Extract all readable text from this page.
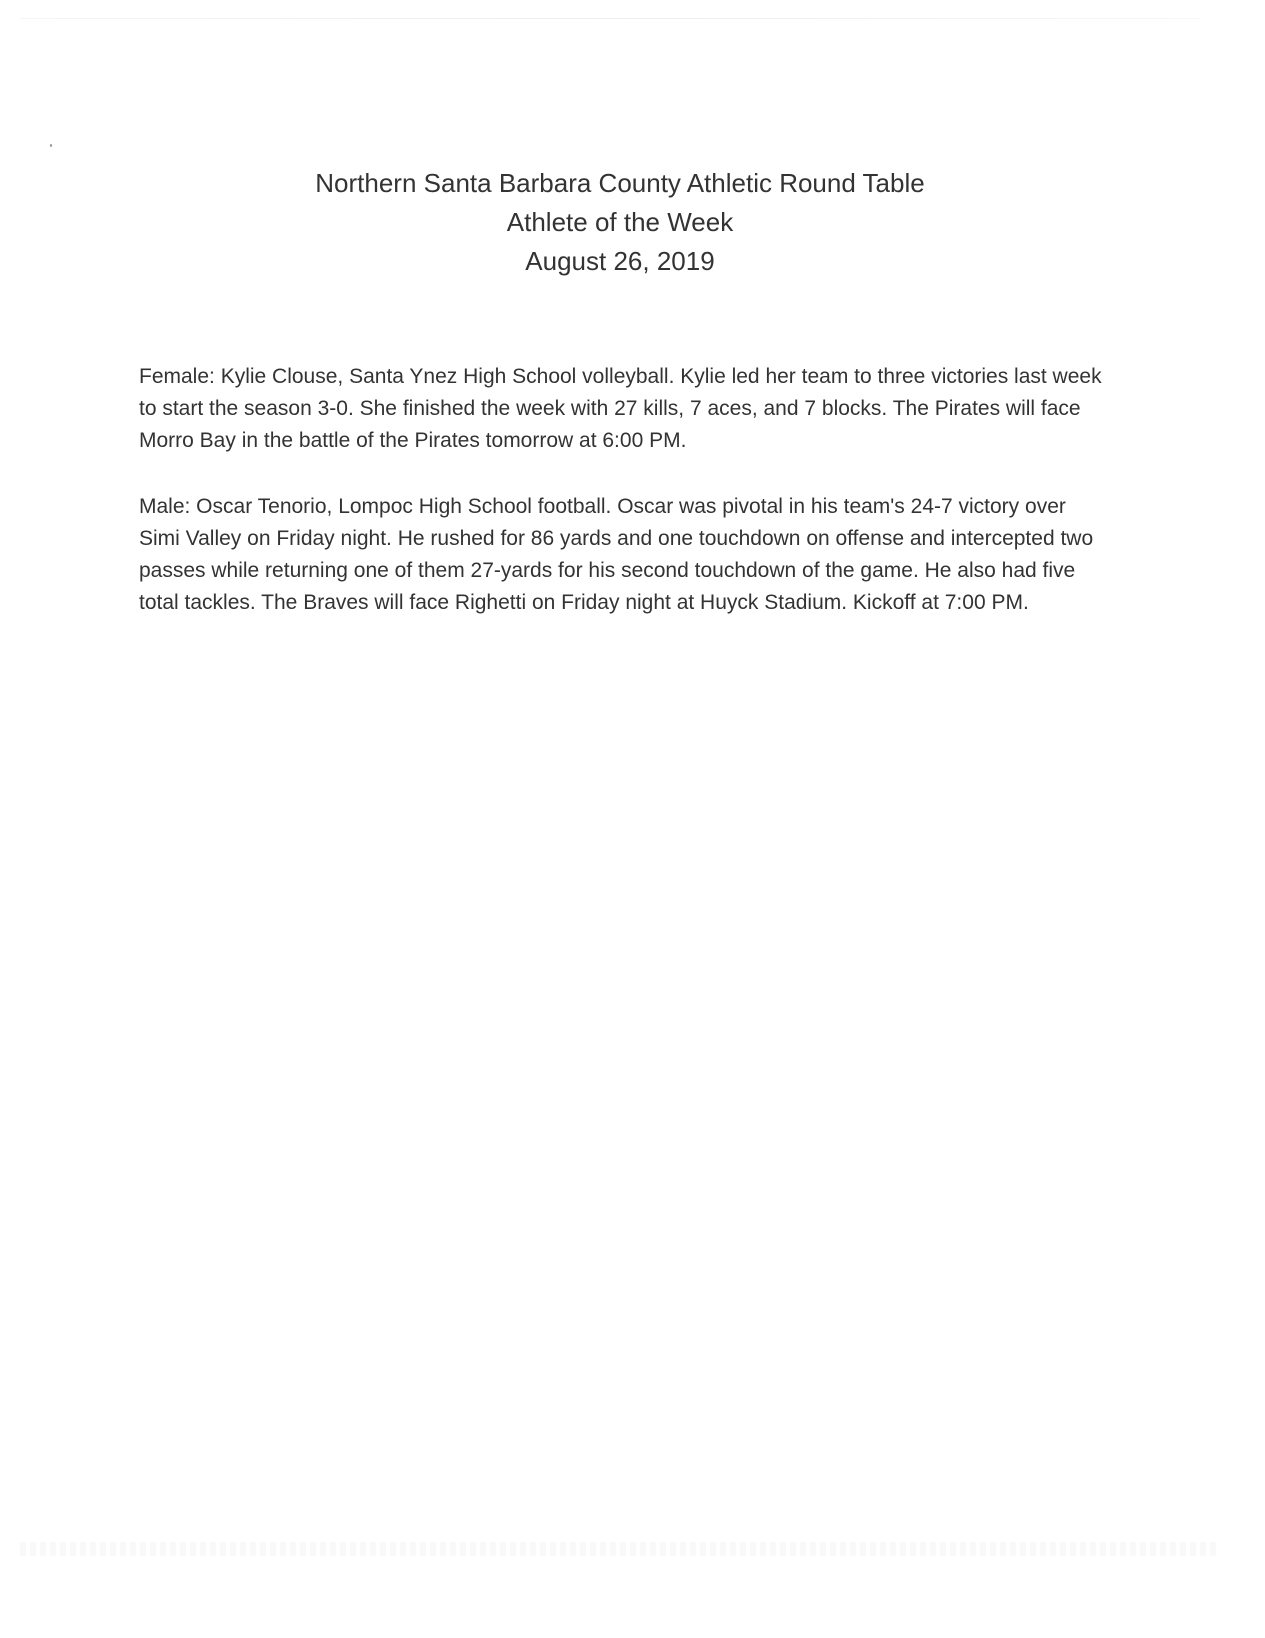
Northern Santa Barbara County Athletic Round Table
Athlete of the Week
August 26, 2019

Female: Kylie Clouse, Santa Ynez High School volleyball. Kylie led her team to three victories last week to start the season 3-0. She finished the week with 27 kills, 7 aces, and 7 blocks. The Pirates will face Morro Bay in the battle of the Pirates tomorrow at 6:00 PM.

Male: Oscar Tenorio, Lompoc High School football. Oscar was pivotal in his team's 24-7 victory over Simi Valley on Friday night. He rushed for 86 yards and one touchdown on offense and intercepted two passes while returning one of them 27-yards for his second touchdown of the game. He also had five total tackles. The Braves will face Righetti on Friday night at Huyck Stadium. Kickoff at 7:00 PM.
